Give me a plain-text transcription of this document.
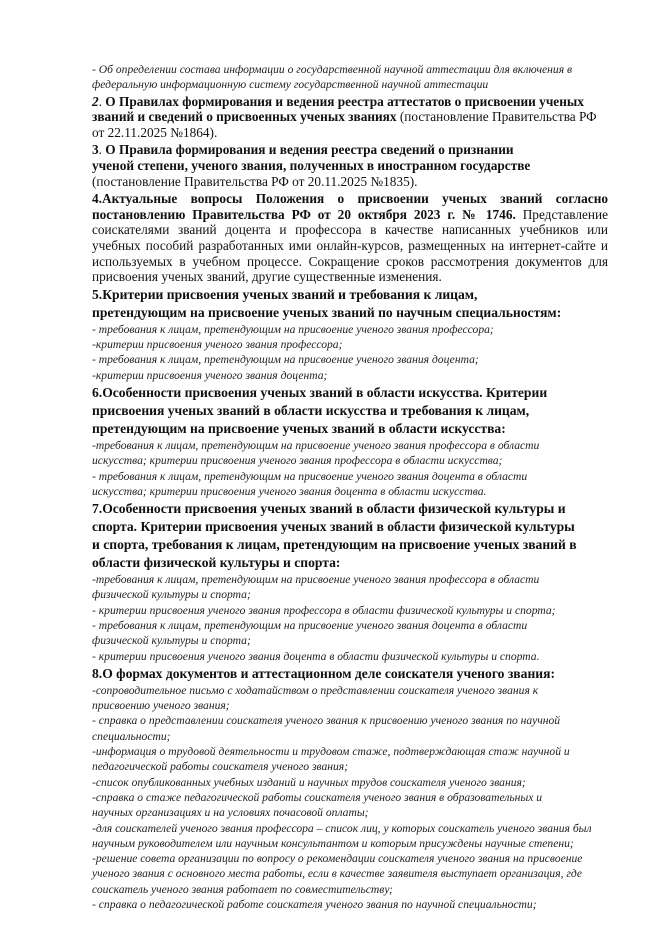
- Об определении состава информации о государственной научной аттестации для включения в федеральную информационную систему государственной научной аттестации

2. О Правилах формирования и ведения реестра аттестатов о присвоении ученых званий и сведений о присвоенных ученых званиях (постановление Правительства РФ от 22.11.2025 №1864).

3. О Правила формирования и ведения реестра сведений о признании ученой степени, ученого звания, полученных в иностранном государстве (постановление Правительства РФ от 20.11.2025 №1835).

4.Актуальные вопросы Положения о присвоении ученых званий согласно постановлению Правительства РФ от 20 октября 2023 г. № 1746. Представление соискателями званий доцента и профессора в качестве написанных учебников или учебных пособий разработанных ими онлайн-курсов, размещенных на интернет-сайте и используемых в учебном процессе. Сокращение сроков рассмотрения документов для присвоения ученых званий, другие существенные изменения.

5.Критерии присвоения ученых званий и требования к лицам, претендующим на присвоение ученых званий по научным специальностям:

- требования к лицам, претендующим на присвоение ученого звания профессора;

-критерии присвоения ученого звания профессора;

- требования к лицам, претендующим на присвоение ученого звания доцента;

-критерии присвоения ученого звания доцента;

6.Особенности присвоения ученых званий в области искусства. Критерии присвоения ученых званий в области искусства и требования к лицам, претендующим на присвоение ученых званий в области искусства:

-требования к лицам, претендующим на присвоение ученого звания профессора в области искусства; критерии присвоения ученого звания профессора в области искусства;

- требования к лицам, претендующим на присвоение ученого звания доцента в области искусства; критерии присвоения ученого звания доцента в области искусства.

7.Особенности присвоения ученых званий в области физической культуры и спорта. Критерии присвоения ученых званий в области физической культуры и спорта, требования к лицам, претендующим на присвоение ученых званий в области физической культуры и спорта:

-требования к лицам, претендующим на присвоение ученого звания профессора в области физической культуры и спорта;

- критерии присвоения ученого звания профессора в области физической культуры и спорта;

- требования к лицам, претендующим на присвоение ученого звания доцента в области физической культуры и спорта;

- критерии присвоения ученого звания доцента в области физической культуры и спорта.

8.О формах документов и аттестационном деле соискателя ученого звания:

-сопроводительное письмо с ходатайством о представлении соискателя ученого звания к присвоению ученого звания;

- справка о представлении соискателя ученого звания к присвоению ученого звания по научной специальности;

-информация о трудовой деятельности и трудовом стаже, подтверждающая стаж научной и педагогической работы соискателя ученого звания;

-список опубликованных учебных изданий и научных трудов соискателя ученого звания;

-справка о стаже педагогической работы соискателя ученого звания в образовательных и научных организациях и на условиях почасовой оплаты;

-для соискателей ученого звания профессора – список лиц, у которых соискатель ученого звания был научным руководителем или научным консультантом и которым присуждены научные степени;

-решение совета организации по вопросу о рекомендации соискателя ученого звания на присвоение ученого звания с основного места работы, если в качестве заявителя выступает организация, где соискатель ученого звания работает по совместительству;

- справка о педагогической работе соискателя ученого звания по научной специальности;
